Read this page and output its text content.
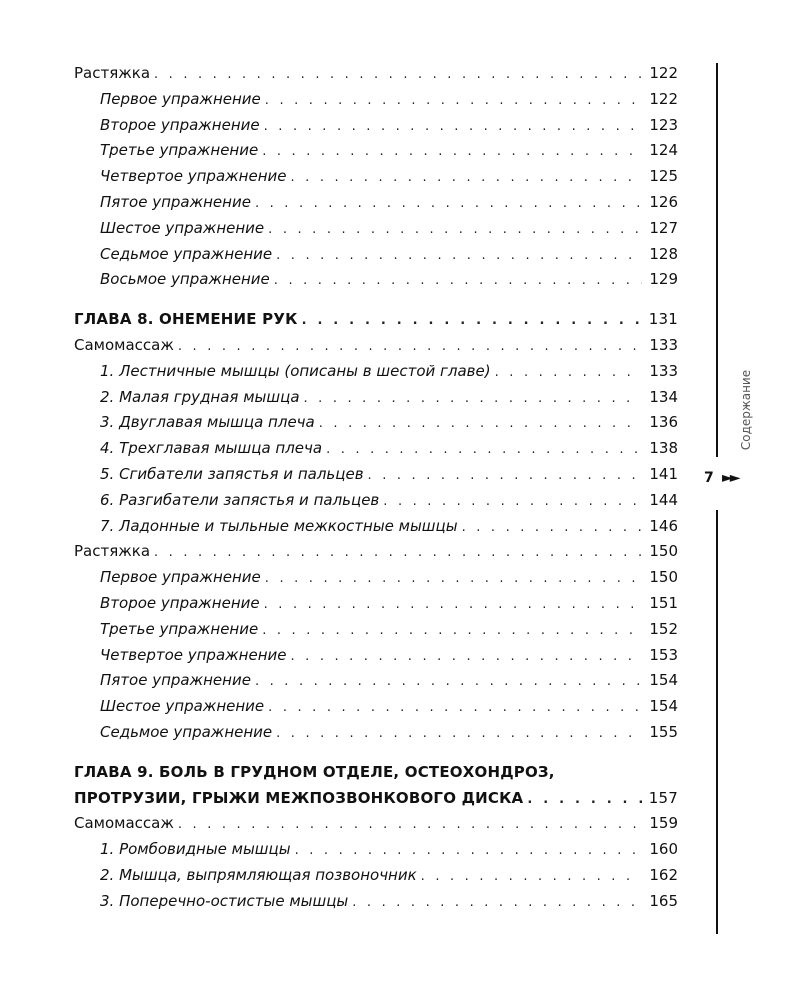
Растяжка . . .	122
Первое упражнение . . .	122
Второе упражнение . . .	123
Третье упражнение . . .	124
Четвертое упражнение . . .	125
Пятое упражнение . . .	126
Шестое упражнение . . .	127
Седьмое упражнение . . .	128
Восьмое упражнение . . .	129
ГЛАВА 8. ОНЕМЕНИЕ РУК . . .	131
Самомассаж . . .	133
1. Лестничные мышцы (описаны в шестой главе) . . .	133
2. Малая грудная мышца . . .	134
3. Двуглавая мышца плеча . . .	136
4. Трехглавая мышца плеча . . .	138
5. Сгибатели запястья и пальцев . . .	141
6. Разгибатели запястья и пальцев . . .	144
7. Ладонные и тыльные межкостные мышцы . . .	146
Растяжка . . .	150
Первое упражнение . . .	150
Второе упражнение . . .	151
Третье упражнение . . .	152
Четвертое упражнение . . .	153
Пятое упражнение . . .	154
Шестое упражнение . . .	154
Седьмое упражнение . . .	155
ГЛАВА 9. БОЛЬ В ГРУДНОМ ОТДЕЛЕ, ОСТЕОХОНДРОЗ,
ПРОТРУЗИИ, ГРЫЖИ МЕЖПОЗВОНКОВОГО ДИСКА . . .	157
Самомассаж . . .	159
1. Ромбовидные мышцы . . .	160
2. Мышца, выпрямляющая позвоночник . . .	162
3. Поперечно-остистые мышцы . . .	165
Содержание
7 ►►
